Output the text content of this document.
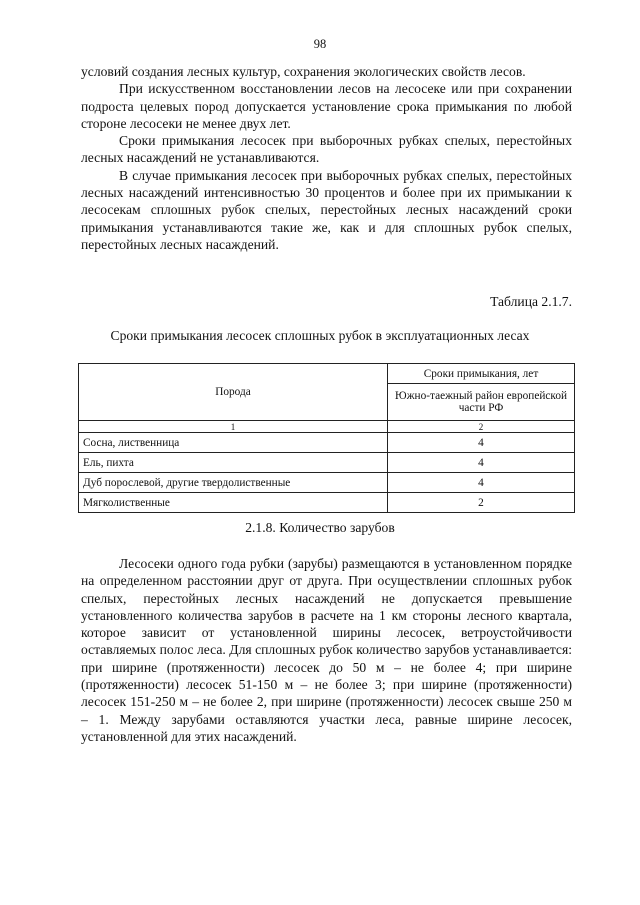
98

условий создания лесных культур, сохранения экологических свойств лесов.

При искусственном восстановлении лесов на лесосеке или при сохранении подроста целевых пород допускается установление срока примыкания по любой стороне лесосеки не менее двух лет.

Сроки примыкания лесосек при выборочных рубках спелых, перестойных лесных насаждений не устанавливаются.

В случае примыкания лесосек при выборочных рубках спелых, перестойных лесных насаждений интенсивностью 30 процентов и более при их примыкании к лесосекам сплошных рубок спелых, перестойных лесных насаждений сроки примыкания устанавливаются такие же, как и для сплошных рубок спелых, перестойных лесных насаждений.

Таблица 2.1.7.
Сроки примыкания лесосек сплошных рубок в эксплуатационных лесах
Порода	Сроки примыкания, лет
	Южно-таежный район европейской части РФ
1	2
Сосна, лиственница	4
Ель, пихта	4
Дуб порослевой, другие твердолиственные	4
Мягколиственные	2
2.1.8. Количество зарубов

Лесосеки одного года рубки (зарубы) размещаются в установленном порядке на определенном расстоянии друг от друга. При осуществлении сплошных рубок спелых, перестойных лесных насаждений не допускается превышение установленного количества зарубов в расчете на 1 км стороны лесного квартала, которое зависит от установленной ширины лесосек, ветроустойчивости оставляемых полос леса. Для сплошных рубок количество зарубов устанавливается: при ширине (протяженности) лесосек до 50 м – не более 4; при ширине (протяженности) лесосек 51-150 м – не более 3; при ширине (протяженности) лесосек 151-250 м – не более 2, при ширине (протяженности) лесосек свыше 250 м – 1. Между зарубами оставляются участки леса, равные ширине лесосек, установленной для этих насаждений.
